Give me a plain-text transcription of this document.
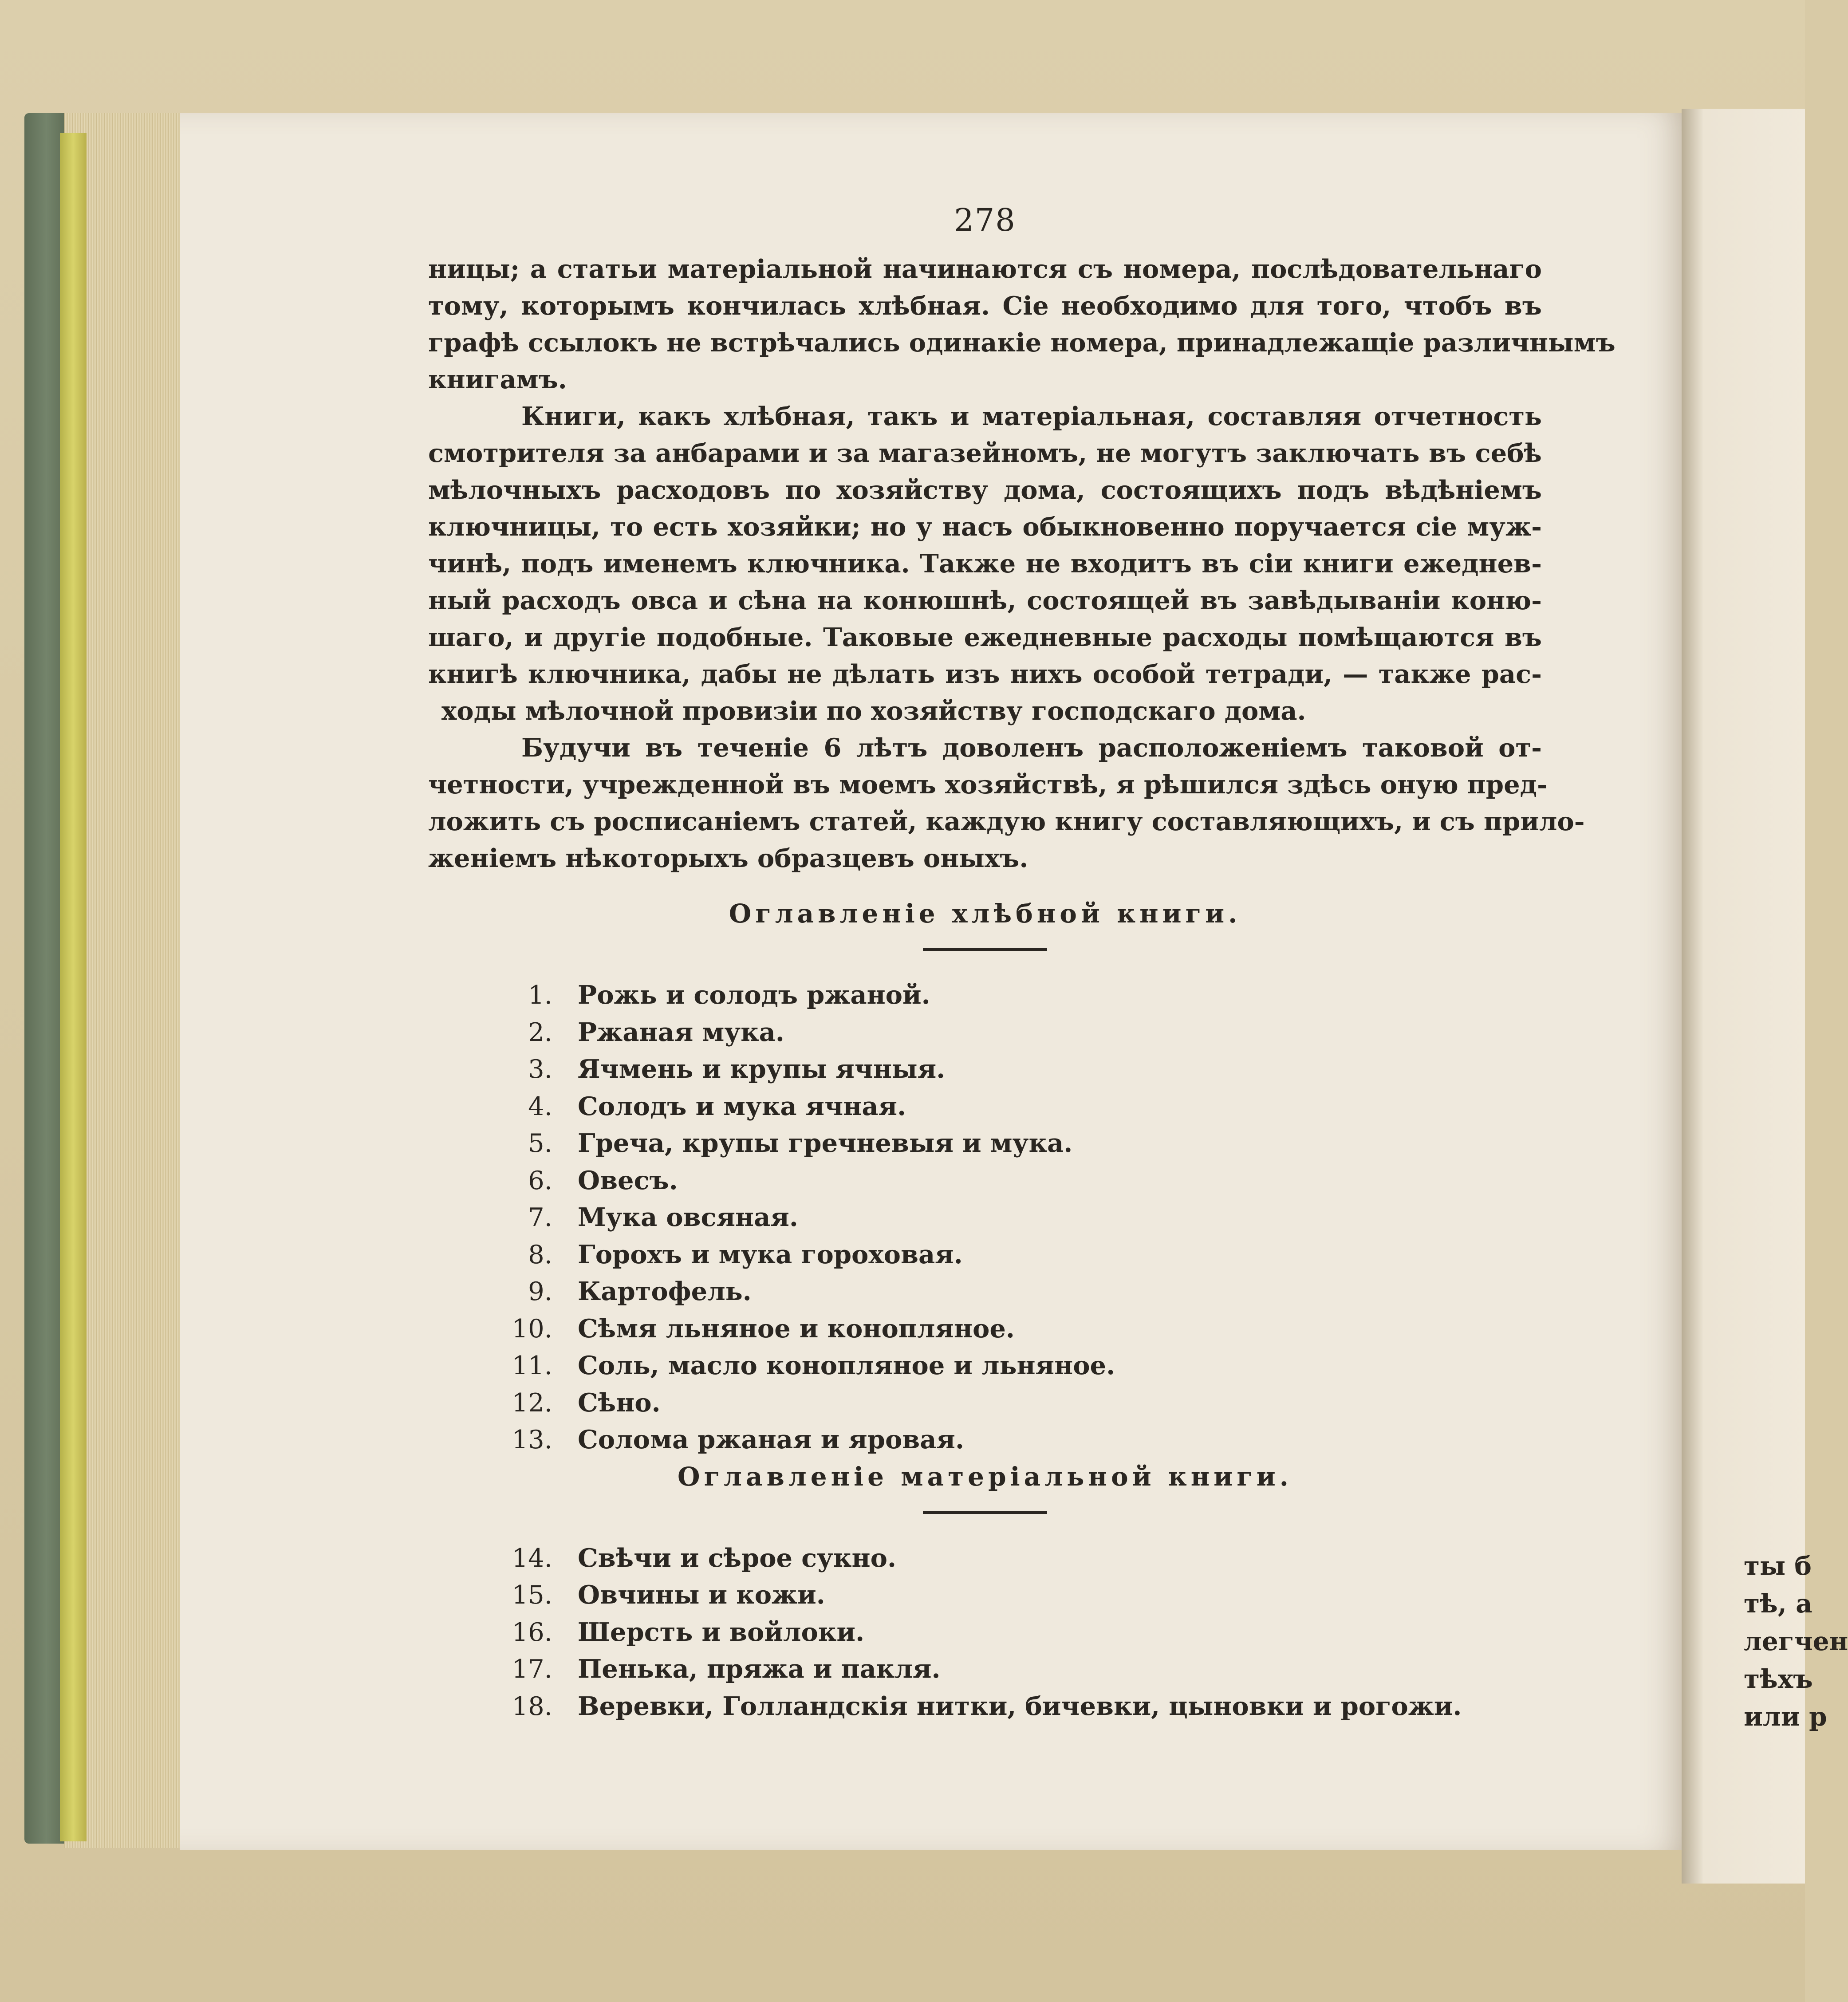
ты б
тѣ, а
легчен
тѣхъ
или р
278

ницы; а статьи матеріальной начинаются съ номера, послѣдовательнаго
тому, которымъ кончилась хлѣбная. Сіе необходимо для того, чтобъ въ
графѣ ссылокъ не встрѣчались одинакіе номера, принадлежащіе различнымъ
книгамъ.

Книги, какъ хлѣбная, такъ и матеріальная, составляя отчетность
смотрителя за анбарами и за магазейномъ, не могутъ заключать въ себѣ
мѣлочныхъ расходовъ по хозяйству дома, состоящихъ подъ вѣдѣніемъ
ключницы, то есть хозяйки; но у насъ обыкновенно поручается сіе муж-
чинѣ, подъ именемъ ключника. Также не входитъ въ сіи книги ежеднев-
ный расходъ овса и сѣна на конюшнѣ, состоящей въ завѣдываніи коню-
шаго, и другіе подобные. Таковые ежедневные расходы помѣщаются въ
книгѣ ключника, дабы не дѣлать изъ нихъ особой тетради, — также рас-
ходы мѣлочной провизіи по хозяйству господскаго дома.

Будучи въ теченіе 6 лѣтъ доволенъ расположеніемъ таковой от-
четности, учрежденной въ моемъ хозяйствѣ, я рѣшился здѣсь оную пред-
ложить съ росписаніемъ статей, каждую книгу составляющихъ, и съ прило-
женіемъ нѣкоторыхъ образцевъ оныхъ.

Оглавленіе хлѣбной книги.
1. Рожь и солодъ ржаной.
2. Ржаная мука.
3. Ячмень и крупы ячныя.
4. Солодъ и мука ячная.
5. Греча, крупы гречневыя и мука.
6. Овесъ.
7. Мука овсяная.
8. Горохъ и мука гороховая.
9. Картофель.
10. Сѣмя льняное и конопляное.
11. Соль, масло конопляное и льняное.
12. Сѣно.
13. Солома ржаная и яровая.
Оглавленіе матеріальной книги.
14. Свѣчи и сѣрое сукно.
15. Овчины и кожи.
16. Шерсть и войлоки.
17. Пенька, пряжа и пакля.
18. Веревки, Голландскія нитки, бичевки, цыновки и рогожи.
